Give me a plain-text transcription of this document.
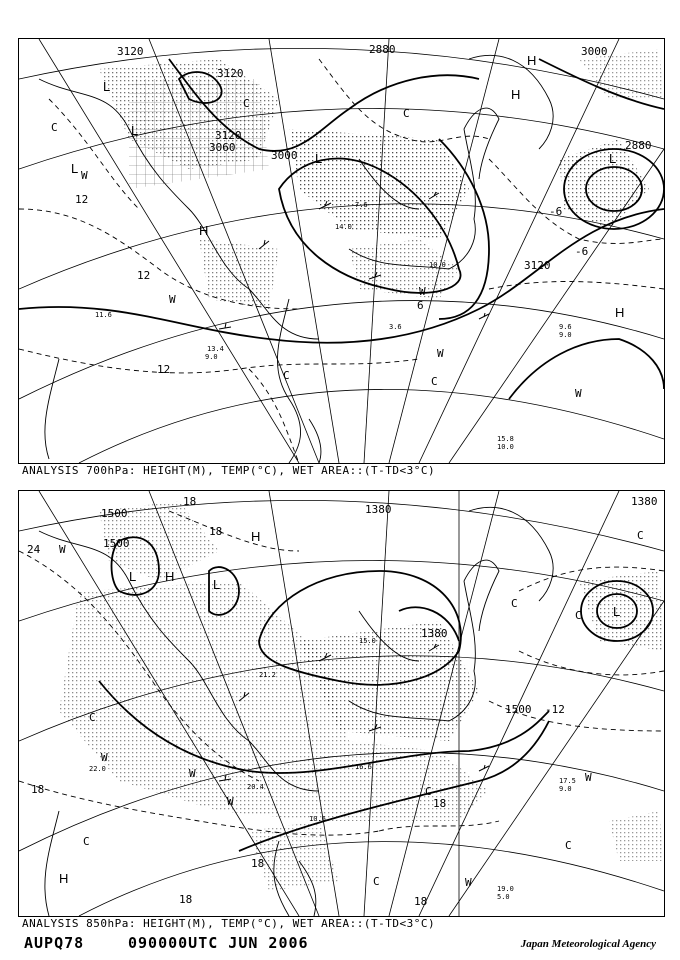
3120
3120
3060
3000
2880	3000
2880
3120
3120
12
12
-6
-6
6
12
L
L
L
L	L
H
H
H
H
W
W
W
W
W
C
C
C
C
C
15.8
10.0
9.6
9.0
11.6
13.4
7.6
10.0
14.0
9.0
3.6
ANALYSIS 700hPa: HEIGHT(M), TEMP(°C), WET AREA::(T-TD<3°C)
1500
1500
1380
1380
1500
1380
24
18
18
18
18
18
-12
18	18
L
L
L
H
H
H
W
W
W
W
W
W
C
C
C
C
C
C
C
C
19.0
5.0
17.5
9.0
16.6
15.0
21.2
20.4
10.6
22.0
ANALYSIS 850hPa: HEIGHT(M), TEMP(°C), WET AREA::(T-TD<3°C)
AUPQ78	090000UTC JUN 2006	Japan Meteorological Agency
